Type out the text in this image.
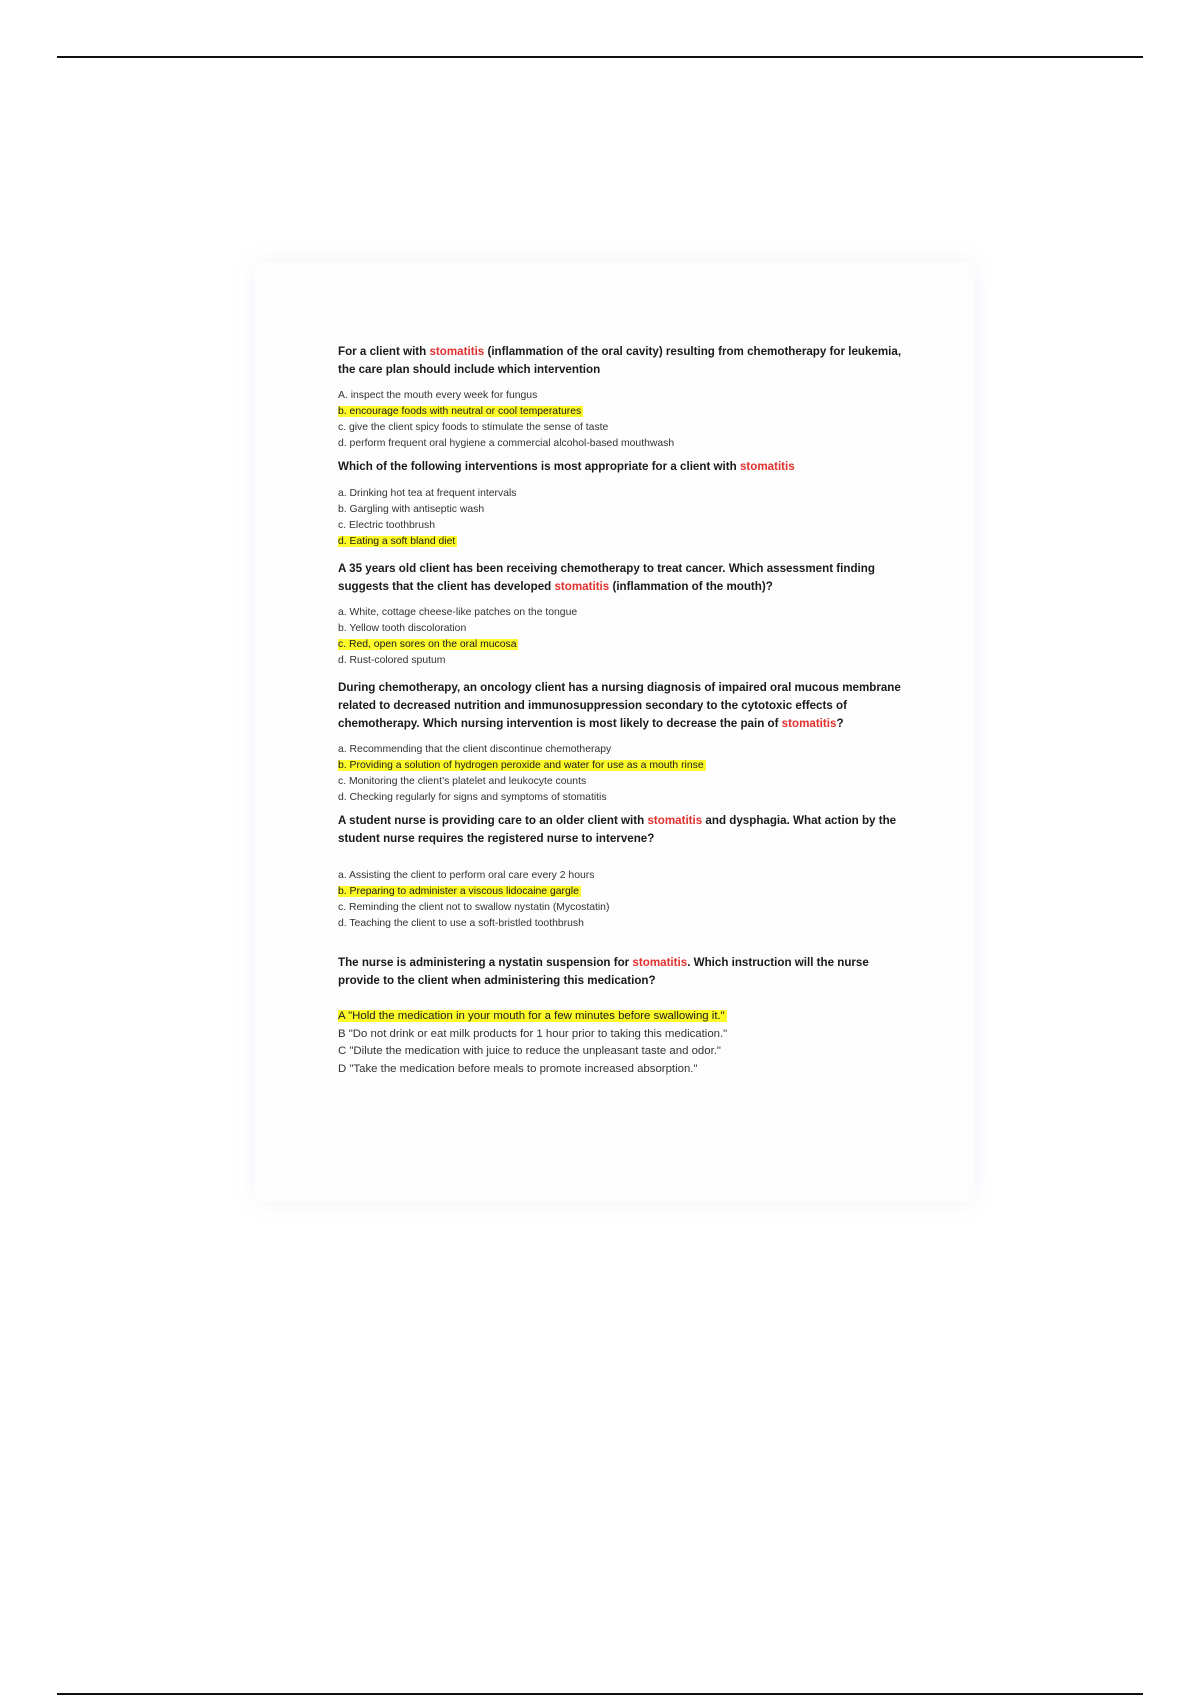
For a client with stomatitis (inflammation of the oral cavity) resulting from chemotherapy for leukemia, the care plan should include which intervention

A. inspect the mouth every week for fungus

b. encourage foods with neutral or cool temperatures

c. give the client spicy foods to stimulate the sense of taste

d. perform frequent oral hygiene a commercial alcohol-based mouthwash

Which of the following interventions is most appropriate for a client with stomatitis

a. Drinking hot tea at frequent intervals

b. Gargling with antiseptic wash

c. Electric toothbrush

d. Eating a soft bland diet

A 35 years old client has been receiving chemotherapy to treat cancer. Which assessment finding suggests that the client has developed stomatitis (inflammation of the mouth)?

a. White, cottage cheese-like patches on the tongue

b. Yellow tooth discoloration

c. Red, open sores on the oral mucosa

d. Rust-colored sputum

During chemotherapy, an oncology client has a nursing diagnosis of impaired oral mucous membrane related to decreased nutrition and immunosuppression secondary to the cytotoxic effects of chemotherapy. Which nursing intervention is most likely to decrease the pain of stomatitis?

a. Recommending that the client discontinue chemotherapy

b. Providing a solution of hydrogen peroxide and water for use as a mouth rinse

c. Monitoring the client’s platelet and leukocyte counts

d. Checking regularly for signs and symptoms of stomatitis

A student nurse is providing care to an older client with stomatitis and dysphagia. What action by the student nurse requires the registered nurse to intervene?

a. Assisting the client to perform oral care every 2 hours

b. Preparing to administer a viscous lidocaine gargle

c. Reminding the client not to swallow nystatin (Mycostatin)

d. Teaching the client to use a soft-bristled toothbrush

The nurse is administering a nystatin suspension for stomatitis. Which instruction will the nurse provide to the client when administering this medication?

A "Hold the medication in your mouth for a few minutes before swallowing it."

B "Do not drink or eat milk products for 1 hour prior to taking this medication."

C "Dilute the medication with juice to reduce the unpleasant taste and odor."

D "Take the medication before meals to promote increased absorption."
